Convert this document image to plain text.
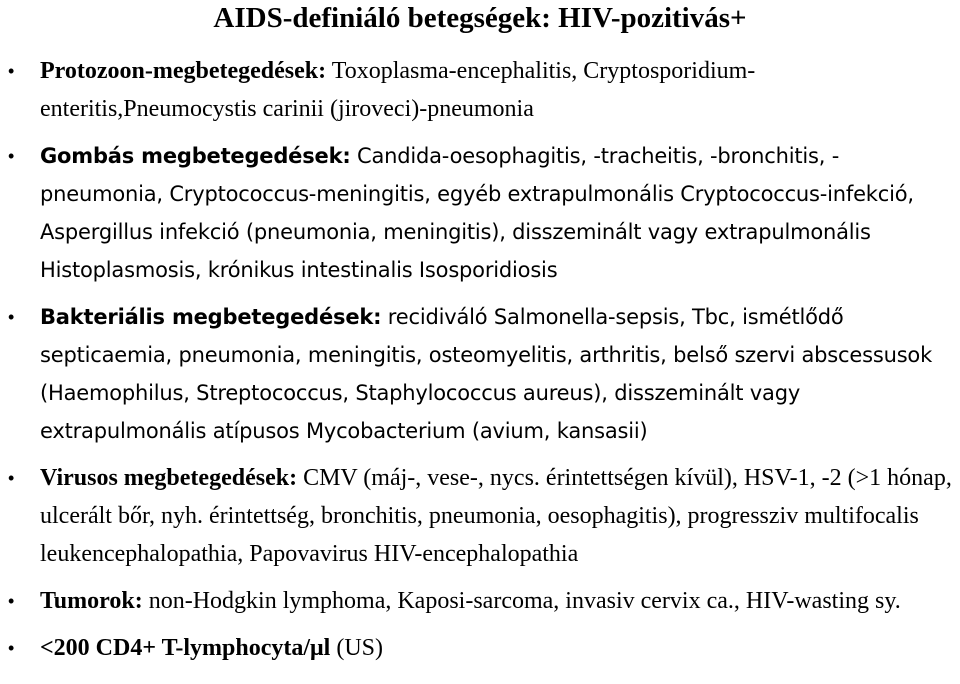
AIDS-definiáló betegségek: HIV-pozitivás+
• Protozoon-megbetegedések: Toxoplasma-encephalitis, Cryptosporidium-enteritis,Pneumocystis carinii (jiroveci)-pneumonia
• Gombás megbetegedések: Candida-oesophagitis, -tracheitis, -bronchitis, -pneumonia, Cryptococcus-meningitis, egyéb extrapulmonális Cryptococcus-infekció, Aspergillus infekció (pneumonia, meningitis), disszeminált vagy extrapulmonális Histoplasmosis, krónikus intestinalis Isosporidiosis
• Bakteriális megbetegedések: recidiváló Salmonella-sepsis, Tbc, ismétlődő septicaemia, pneumonia, meningitis, osteomyelitis, arthritis, belső szervi abscessusok (Haemophilus, Streptococcus, Staphylococcus aureus), disszeminált vagy extrapulmonális atípusos Mycobacterium (avium, kansasii)
• Virusos megbetegedések: CMV (máj-, vese-, nycs. érintettségen kívül), HSV-1, -2 (>1 hónap, ulcerált bőr, nyh. érintettség, bronchitis, pneumonia, oesophagitis), progressziv multifocalis leukencephalopathia, Papovavirus HIV-encephalopathia
• Tumorok: non-Hodgkin lymphoma, Kaposi-sarcoma, invasiv cervix ca., HIV-wasting sy.
• <200 CD4+ T-lymphocyta/μl (US)
